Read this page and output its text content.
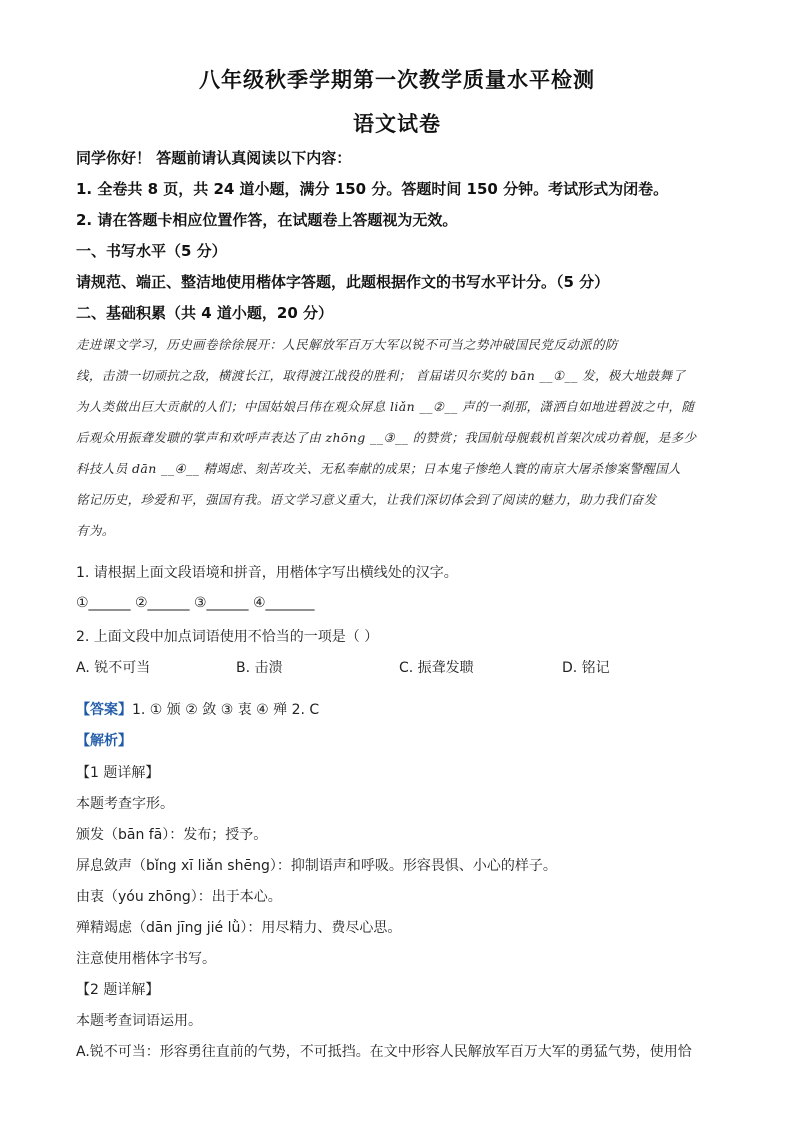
八年级秋季学期第一次教学质量水平检测
语文试卷
同学你好！ 答题前请认真阅读以下内容：
1. 全卷共 8 页，共 24 道小题，满分 150 分。答题时间 150 分钟。考试形式为闭卷。
2. 请在答题卡相应位置作答，在试题卷上答题视为无效。
一、书写水平（5 分）
请规范、端正、整洁地使用楷体字答题，此题根据作文的书写水平计分。（5 分）
二、基础积累（共 4 道小题，20 分）
走进课文学习，历史画卷徐徐展开：人民解放军百万大军以锐不可当之势冲破国民党反动派的防
线，击溃一切顽抗之敌，横渡长江，取得渡江战役的胜利； 首届诺贝尔奖的 bān __①__ 发，极大地鼓舞了
为人类做出巨大贡献的人们；中国姑娘吕伟在观众屏息 liǎn __②__ 声的一刹那，潇洒自如地进碧波之中，随
后观众用振聋发聩的掌声和欢呼声表达了由 zhōng __③__ 的赞赏；我国航母舰载机首架次成功着舰，是多少
科技人员 dān __④__ 精竭虑、刻苦攻关、无私奉献的成果；日本鬼子惨绝人寰的南京大屠杀惨案警醒国人
铭记历史，珍爱和平，强国有我。语文学习意义重大，让我们深切体会到了阅读的魅力，助力我们奋发
有为。
1. 请根据上面文段语境和拼音，用楷体字写出横线处的汉字。
①______ ②______ ③______ ④_______
2. 上面文段中加点词语使用不恰当的一项是（ ）
A. 锐不可当	B. 击溃	C. 振聋发聩	D. 铭记
【答案】1. ① 颁 ② 敛 ③ 衷 ④ 殚 2. C
【解析】
【1 题详解】
本题考查字形。
颁发（bān fā）：发布；授予。
屏息敛声（bǐng xī liǎn shēng）：抑制语声和呼吸。形容畏惧、小心的样子。
由衷（yóu zhōng）：出于本心。
殚精竭虑（dān jīng jié lǜ）：用尽精力、费尽心思。
注意使用楷体字书写。
【2 题详解】
本题考查词语运用。
A.锐不可当：形容勇往直前的气势，不可抵挡。在文中形容人民解放军百万大军的勇猛气势，使用恰
